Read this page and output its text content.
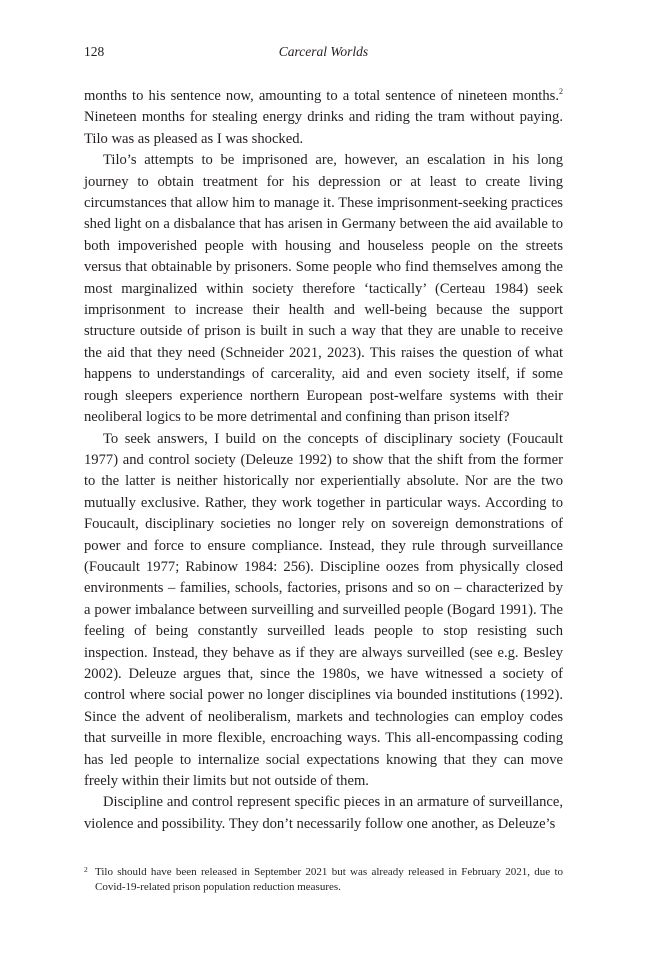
128	Carceral Worlds

months to his sentence now, amounting to a total sentence of nineteen months.$^2$ Nineteen months for stealing energy drinks and riding the tram without paying. Tilo was as pleased as I was shocked.

Tilo’s attempts to be imprisoned are, however, an escalation in his long journey to obtain treatment for his depression or at least to create living circumstances that allow him to manage it. These imprisonment-seeking practices shed light on a disbalance that has arisen in Germany between the aid available to both impoverished people with housing and houseless people on the streets versus that obtainable by prisoners. Some people who find themselves among the most marginalized within society therefore ‘tactically’ (Certeau 1984) seek imprisonment to increase their health and well-being because the support structure outside of prison is built in such a way that they are unable to receive the aid that they need (Schneider 2021, 2023). This raises the question of what happens to understandings of carcerality, aid and even society itself, if some rough sleepers experience northern European post-welfare systems with their neoliberal logics to be more detrimental and confining than prison itself?

To seek answers, I build on the concepts of disciplinary society (Foucault 1977) and control society (Deleuze 1992) to show that the shift from the former to the latter is neither historically nor experientially absolute. Nor are the two mutually exclusive. Rather, they work together in particular ways. According to Foucault, disciplinary societies no longer rely on sovereign demonstrations of power and force to ensure compliance. Instead, they rule through surveillance (Foucault 1977; Rabinow 1984: 256). Discipline oozes from physically closed environments – families, schools, factories, prisons and so on – characterized by a power imbalance between surveilling and surveilled people (Bogard 1991). The feeling of being constantly surveilled leads people to stop resisting such inspection. Instead, they behave as if they are always surveilled (see e.g. Besley 2002). Deleuze argues that, since the 1980s, we have witnessed a society of control where social power no longer disciplines via bounded institutions (1992). Since the advent of neoliberalism, markets and technologies can employ codes that surveille in more flexible, encroaching ways. This all-encompassing coding has led people to internalize social expectations knowing that they can move freely within their limits but not outside of them.

Discipline and control represent specific pieces in an armature of surveillance, violence and possibility. They don’t necessarily follow one another, as Deleuze’s

2 Tilo should have been released in September 2021 but was already released in February 2021, due to Covid-19-related prison population reduction measures.
